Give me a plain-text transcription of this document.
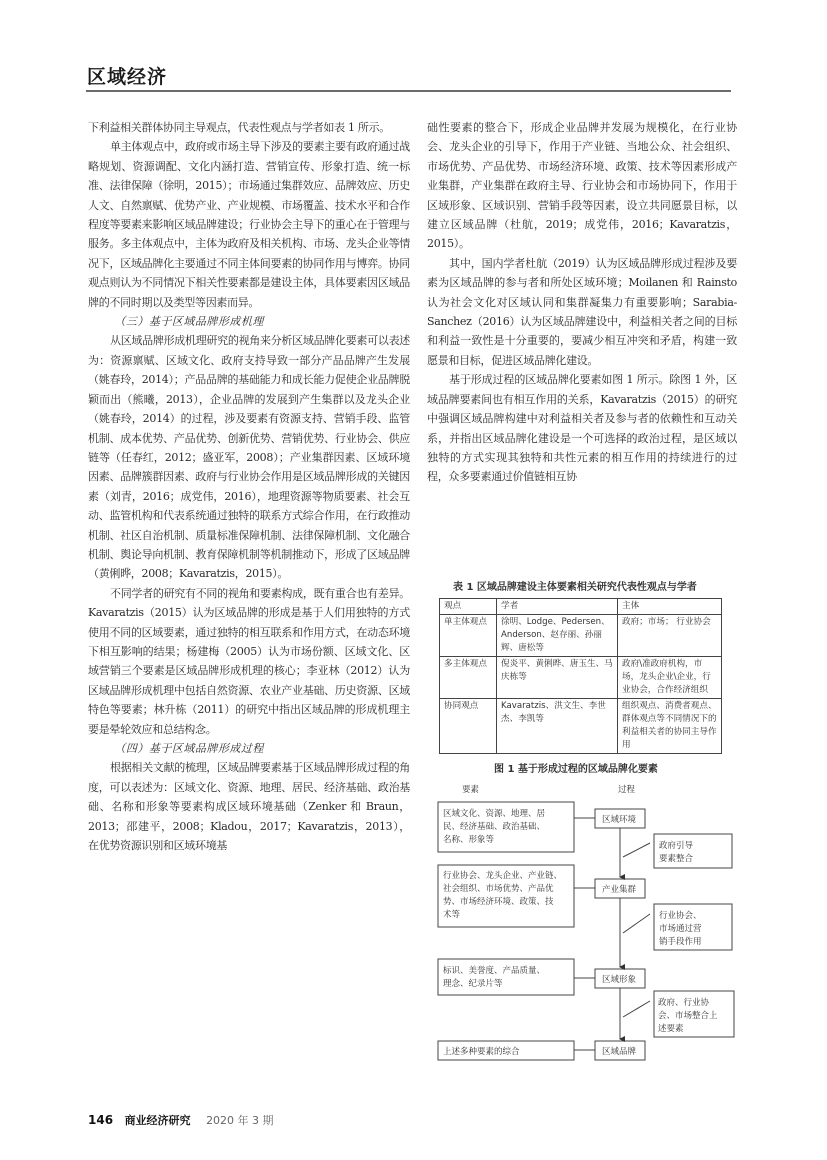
区域经济

下利益相关群体协同主导观点，代表性观点与学者如表 1 所示。

单主体观点中，政府或市场主导下涉及的要素主要有政府通过战略规划、资源调配、文化内涵打造、营销宣传、形象打造、统一标准、法律保障（徐明，2015）；市场通过集群效应、品牌效应、历史人文、自然禀赋、优势产业、产业规模、市场覆盖、技术水平和合作程度等要素来影响区域品牌建设；行业协会主导下的重心在于管理与服务。多主体观点中，主体为政府及相关机构、市场、龙头企业等情况下，区域品牌化主要通过不同主体间要素的协同作用与博弈。协同观点则认为不同情况下相关性要素都是建设主体，具体要素因区域品牌的不同时期以及类型等因素而异。

（三）基于区域品牌形成机理

从区域品牌形成机理研究的视角来分析区域品牌化要素可以表述为：资源禀赋、区域文化、政府支持导致一部分产品品牌产生发展（姚春玲，2014）；产品品牌的基础能力和成长能力促使企业品牌脱颖而出（熊曦，2013），企业品牌的发展到产生集群以及龙头企业（姚春玲，2014）的过程，涉及要素有资源支持、营销手段、监管机制、成本优势、产品优势、创新优势、营销优势、行业协会、供应链等（任春红，2012；盛亚军，2008）；产业集群因素、区域环境因素、品牌簇群因素、政府与行业协会作用是区域品牌形成的关键因素（刘青，2016；成党伟，2016），地理资源等物质要素、社会互动、监管机构和代表系统通过独特的联系方式综合作用，在行政推动机制、社区自治机制、质量标准保障机制、法律保障机制、文化融合机制、舆论导向机制、教育保障机制等机制推动下，形成了区域品牌（黄俐晔，2008；Kavaratzis，2015）。

不同学者的研究有不同的视角和要素构成，既有重合也有差异。Kavaratzis（2015）认为区域品牌的形成是基于人们用独特的方式使用不同的区域要素，通过独特的相互联系和作用方式，在动态环境下相互影响的结果；杨建梅（2005）认为市场份额、区域文化、区域营销三个要素是区域品牌形成机理的核心；李亚林（2012）认为区域品牌形成机理中包括自然资源、农业产业基础、历史资源、区域特色等要素；林升栋（2011）的研究中指出区域品牌的形成机理主要是晕轮效应和总结构念。

（四）基于区域品牌形成过程

根据相关文献的梳理，区域品牌要素基于区域品牌形成过程的角度，可以表述为：区域文化、资源、地理、居民、经济基础、政治基础、名称和形象等要素构成区域环境基础（Zenker 和 Braun，2013；邵建平，2008；Kladou，2017；Kavaratzis，2013），在优势资源识别和区域环境基

础性要素的整合下，形成企业品牌并发展为规模化，在行业协会、龙头企业的引导下，作用于产业链、当地公众、社会组织、市场优势、产品优势、市场经济环境、政策、技术等因素形成产业集群，产业集群在政府主导、行业协会和市场协同下，作用于区域形象、区域识别、营销手段等因素，设立共同愿景目标，以建立区域品牌（杜航，2019；成党伟，2016；Kavaratzis，2015）。

其中，国内学者杜航（2019）认为区域品牌形成过程涉及要素为区域品牌的参与者和所处区域环境；Moilanen 和 Rainsto 认为社会文化对区域认同和集群凝集力有重要影响；Sarabia-Sanchez（2016）认为区域品牌建设中，利益相关者之间的目标和利益一致性是十分重要的，要减少相互冲突和矛盾，构建一致愿景和目标，促进区域品牌化建设。

基于形成过程的区域品牌化要素如图 1 所示。除图 1 外，区域品牌要素间也有相互作用的关系，Kavaratzis（2015）的研究中强调区域品牌构建中对利益相关者及参与者的依赖性和互动关系，并指出区域品牌化建设是一个可选择的政治过程，是区域以独特的方式实现其独特和共性元素的相互作用的持续进行的过程，众多要素通过价值链相互协

表 1 区域品牌建设主体要素相关研究代表性观点与学者
观点	学者	主体
单主体观点	徐明、Lodge、Pedersen、Anderson、赵存丽、孙丽辉、唐松等	政府；市场； 行业协会
多主体观点	倪炎平、黄俐晔、唐玉生、马庆栋等	政府\准政府机构，市场，龙头企业\企业，行业协会，合作经济组织
协同观点	Kavaratzis、洪文生、李世杰、李凯等	组织观点、消费者观点、群体观点等不同情况下的利益相关者的协同主导作用
图 1 基于形成过程的区域品牌化要素
要素	过程
区域文化、资源、地理、居
民、经济基础、政治基础、
名称、形象等
行业协会、龙头企业、产业链、
社会组织、市场优势、产品优
势、市场经济环境、政策、技
术等
标识、美誉度、产品质量、
理念、纪录片等
上述多种要素的综合
区域环境
产业集群
区域形象
区域品牌
政府引导
要素整合
行业协会、
市场通过营
销手段作用
政府、行业协
会、市场整合上
述要素
146 商业经济研究 2020 年 3 期
